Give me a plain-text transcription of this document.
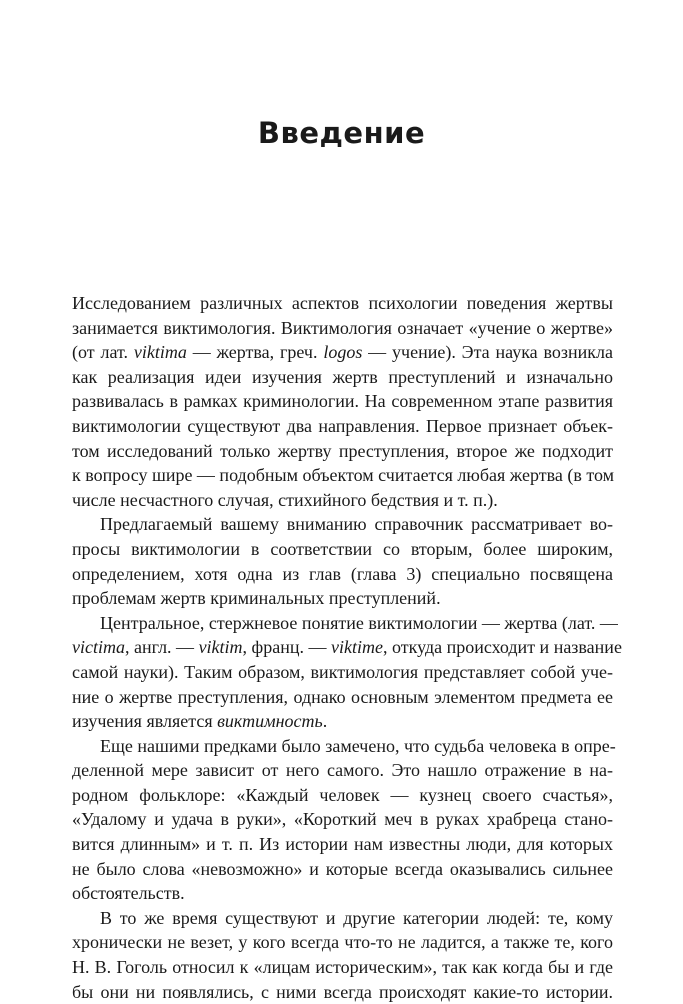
Введение
Исследованием различных аспектов психологии поведения жертвы
занимается виктимология. Виктимология означает «учение о жертве»
(от лат. viktima — жертва, греч. logos — учение). Эта наука возникла
как реализация идеи изучения жертв преступлений и изначально
развивалась в рамках криминологии. На современном этапе развития
виктимологии существуют два направления. Первое признает объек-
том исследований только жертву преступления, второе же подходит
к вопросу шире — подобным объектом считается любая жертва (в том
числе несчастного случая, стихийного бедствия и т. п.).
Предлагаемый вашему вниманию справочник рассматривает во-
просы виктимологии в соответствии со вторым, более широким,
определением, хотя одна из глав (глава 3) специально посвящена
проблемам жертв криминальных преступлений.
Центральное, стержневое понятие виктимологии — жертва (лат. —
victima, англ. — viktim, франц. — viktime, откуда происходит и название
самой науки). Таким образом, виктимология представляет собой уче-
ние о жертве преступления, однако основным элементом предмета ее
изучения является виктимность.
Еще нашими предками было замечено, что судьба человека в опре-
деленной мере зависит от него самого. Это нашло отражение в на-
родном фольклоре: «Каждый человек — кузнец своего счастья»,
«Удалому и удача в руки», «Короткий меч в руках храбреца стано-
вится длинным» и т. п. Из истории нам известны люди, для которых
не было слова «невозможно» и которые всегда оказывались сильнее
обстоятельств.
В то же время существуют и другие категории людей: те, кому
хронически не везет, у кого всегда что-то не ладится, а также те, кого
Н. В. Гоголь относил к «лицам историческим», так как когда бы и где
бы они ни появлялись, с ними всегда происходят какие-то истории.
